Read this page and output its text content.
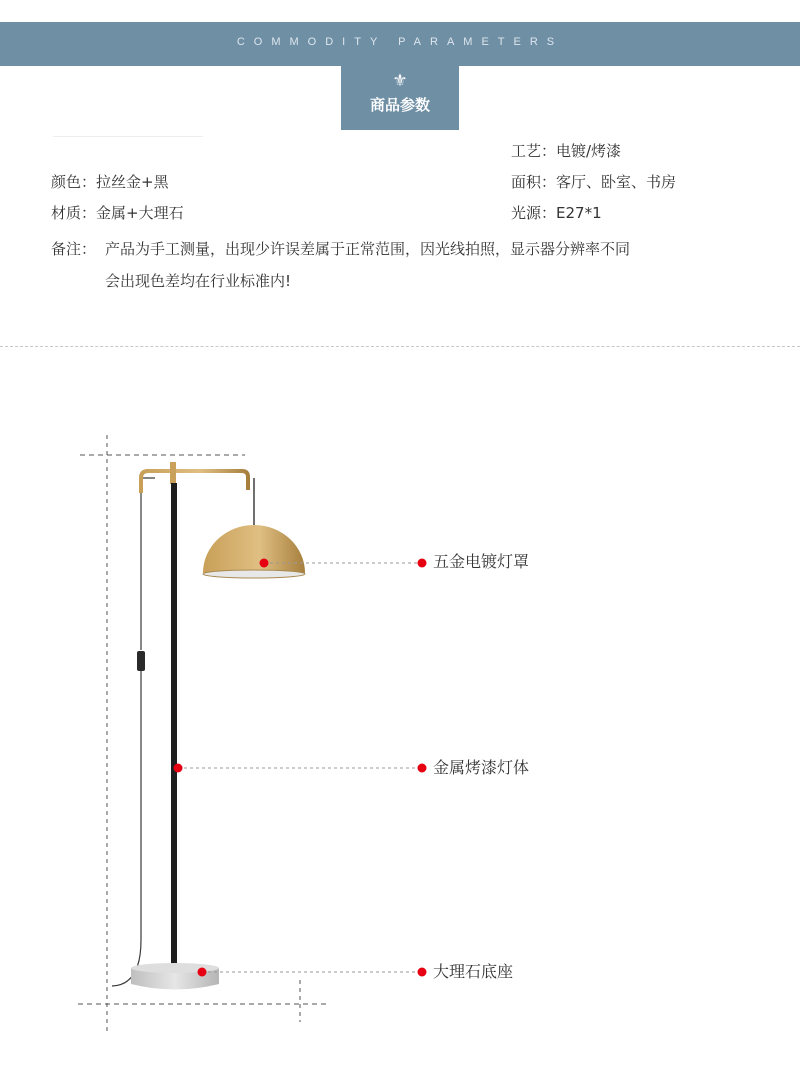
COMMODITY PARAMETERS
⚜
商品参数
工艺：电镀/烤漆
颜色：拉丝金+黑	面积：客厅、卧室、书房
材质：金属+大理石	光源：E27*1
备注： 产品为手工测量，出现少许误差属于正常范围，因光线拍照，显示器分辨率不同
会出现色差均在行业标准内!
五金电镀灯罩
金属烤漆灯体
大理石底座
